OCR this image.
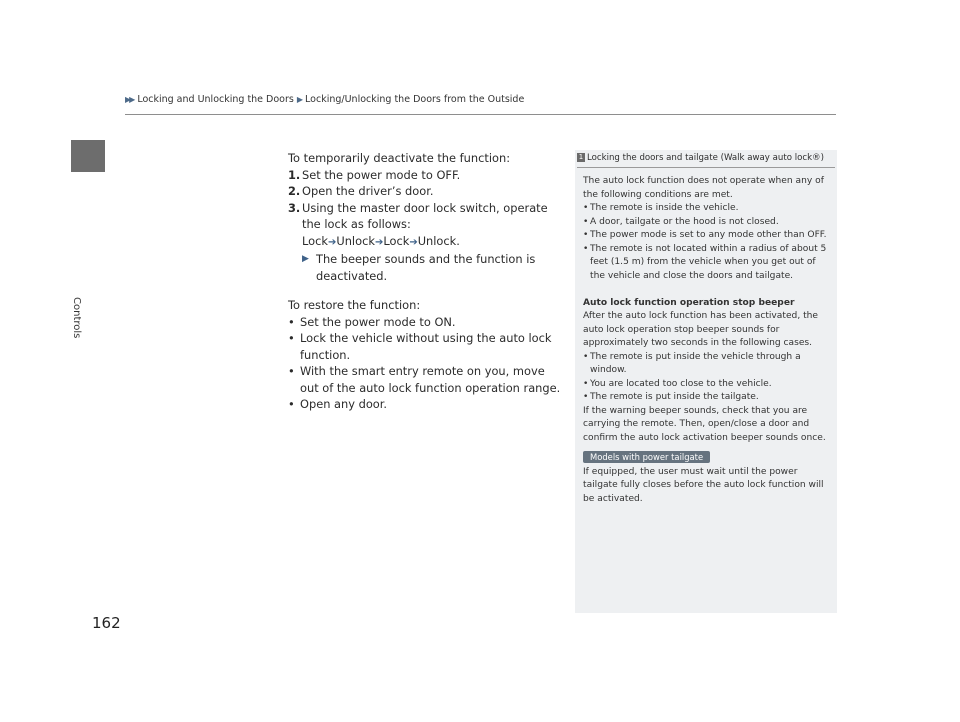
▶▶ Locking and Unlocking the Doors ▶ Locking/Unlocking the Doors from the Outside
Controls
162

To temporarily deactivate the function:

1. Set the power mode to OFF.
2. Open the driver’s door.
3. Using the master door lock switch, operate the lock as follows:
Lock➔Unlock➔Lock➔Unlock.
▶ The beeper sounds and the function is deactivated.

To restore the function:

• Set the power mode to ON.
• Lock the vehicle without using the auto lock function.
• With the smart entry remote on you, move out of the auto lock function operation range.
• Open any door.
1 Locking the doors and tailgate (Walk away auto lock®)

The auto lock function does not operate when any of the following conditions are met.

• The remote is inside the vehicle.
• A door, tailgate or the hood is not closed.
• The power mode is set to any mode other than OFF.
• The remote is not located within a radius of about 5 feet (1.5 m) from the vehicle when you get out of the vehicle and close the doors and tailgate.

Auto lock function operation stop beeper

After the auto lock function has been activated, the auto lock operation stop beeper sounds for approximately two seconds in the following cases.

• The remote is put inside the vehicle through a window.
• You are located too close to the vehicle.
• The remote is put inside the tailgate.

If the warning beeper sounds, check that you are carrying the remote. Then, open/close a door and confirm the auto lock activation beeper sounds once.

Models with power tailgate

If equipped, the user must wait until the power tailgate fully closes before the auto lock function will be activated.
